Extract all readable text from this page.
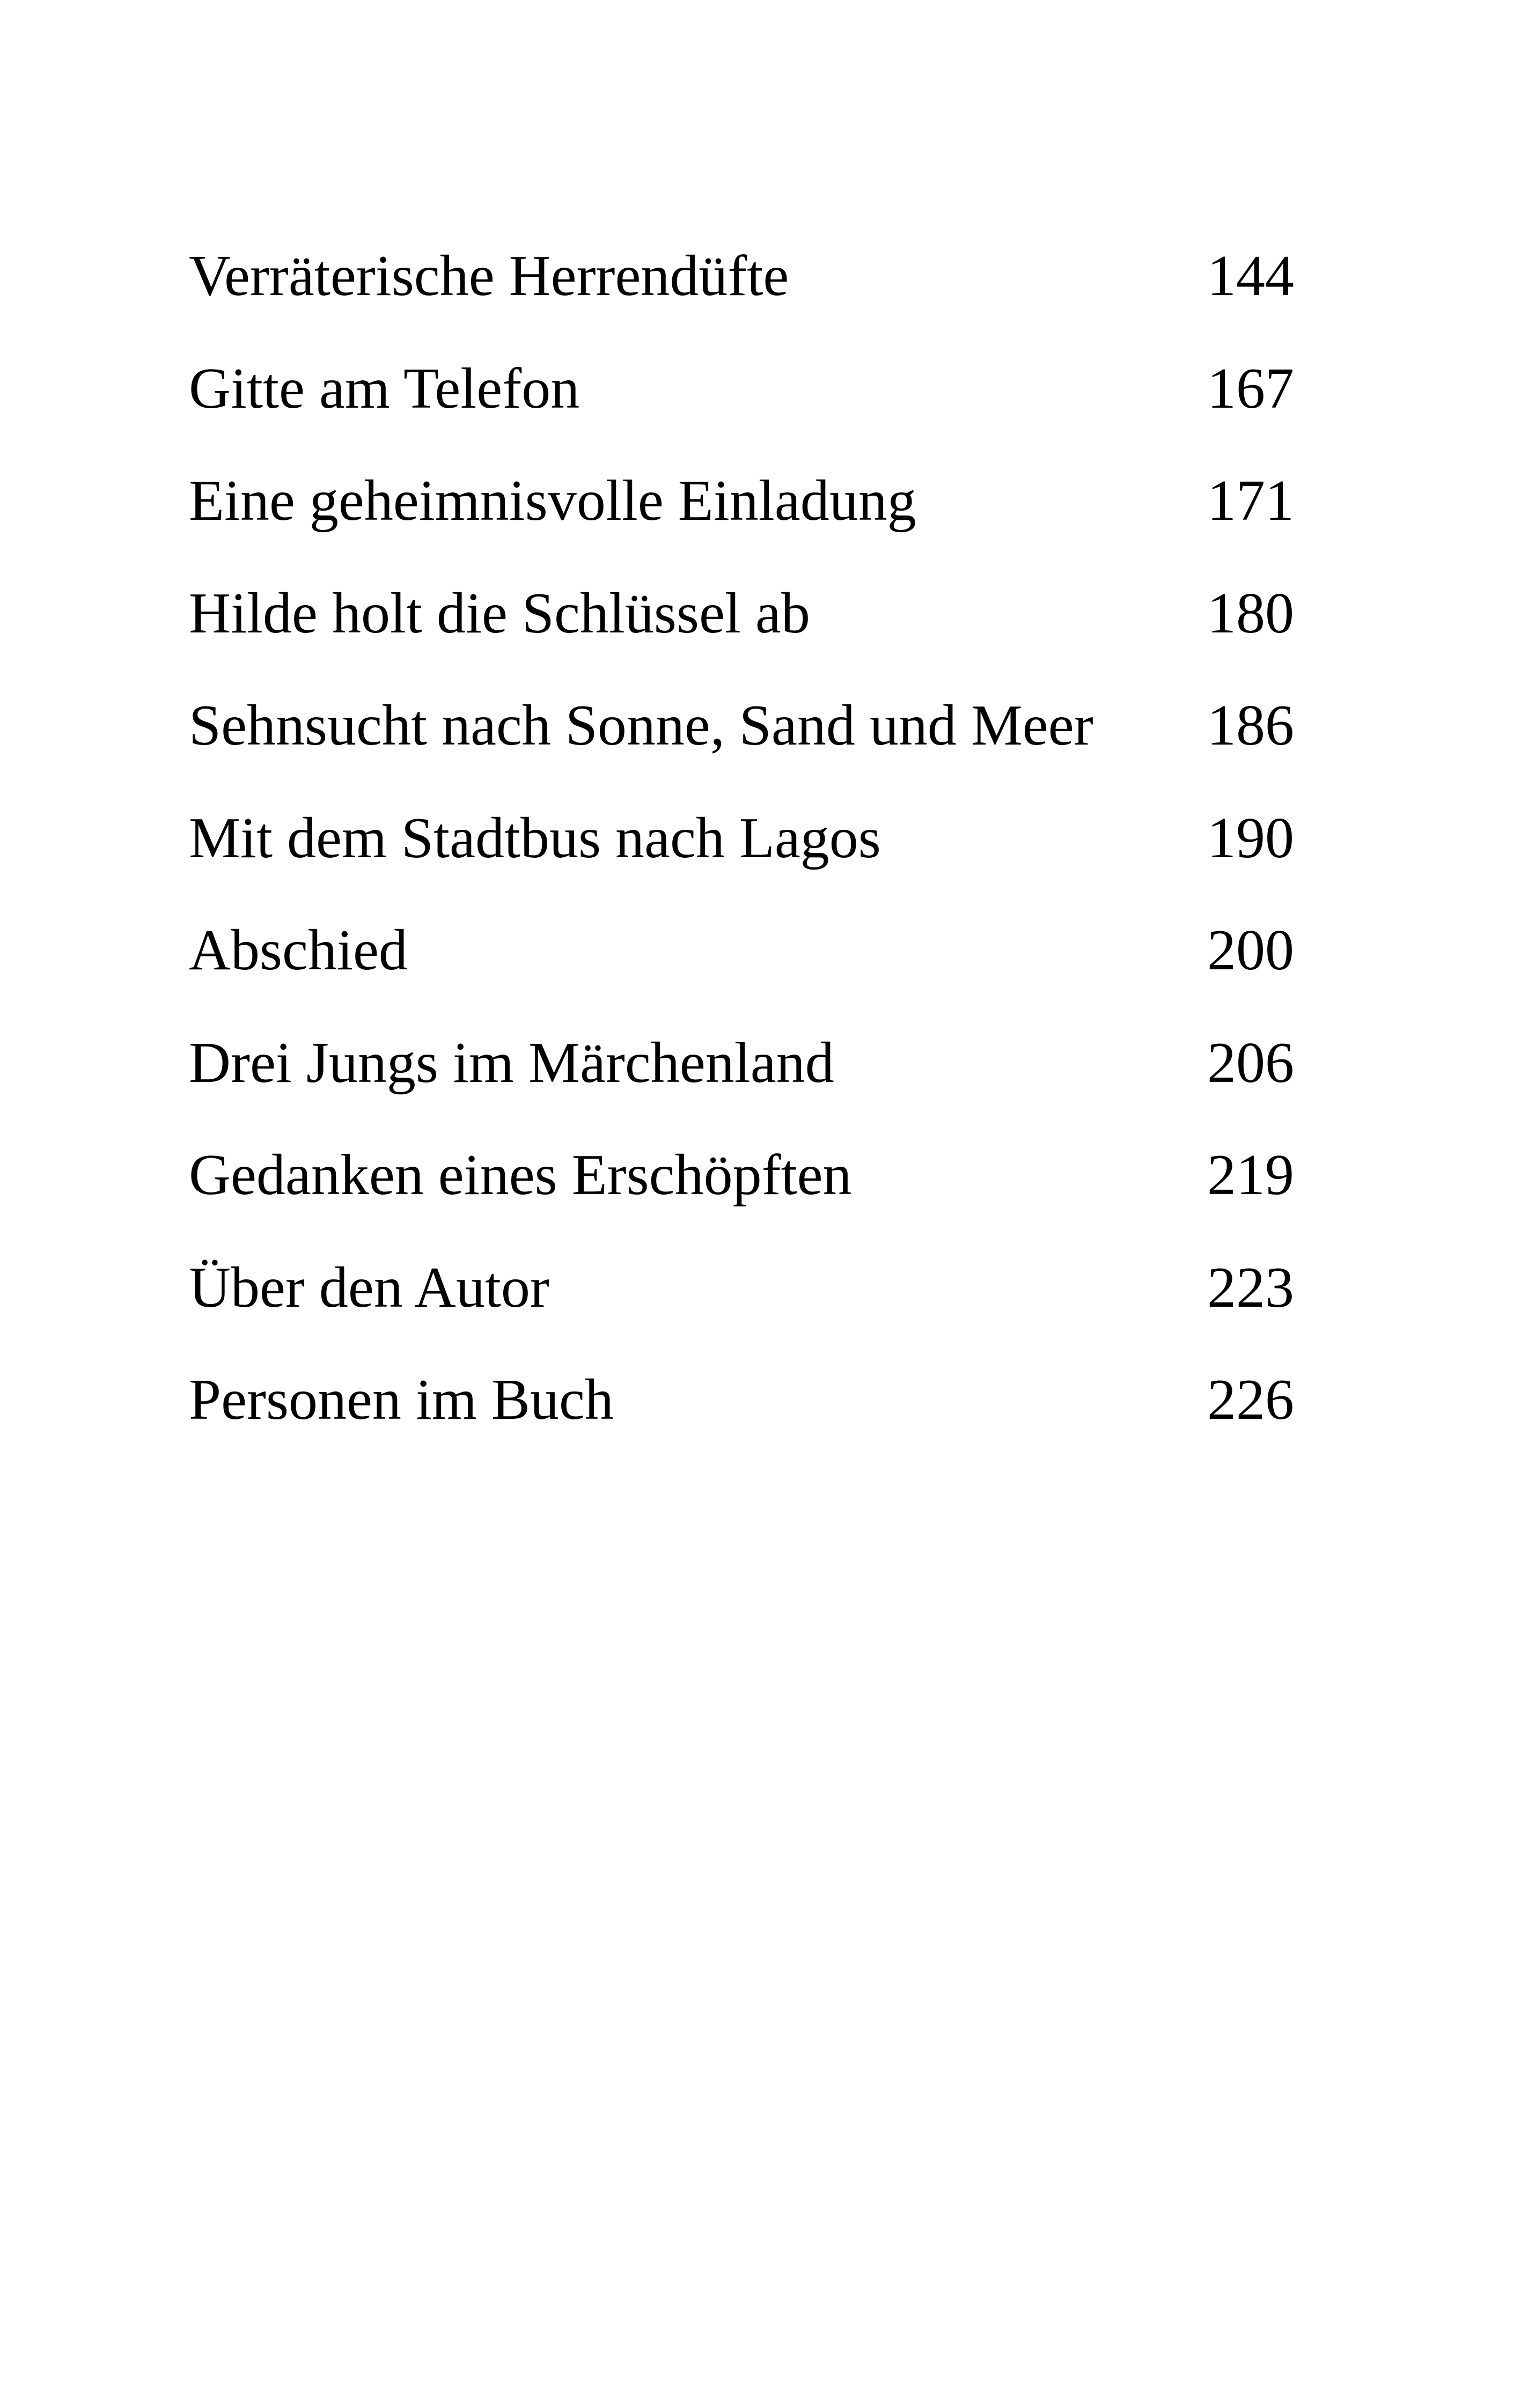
Verräterische Herrendüfte	144
Gitte am Telefon	167
Eine geheimnisvolle Einladung	171
Hilde holt die Schlüssel ab	180
Sehnsucht nach Sonne, Sand und Meer 186
Mit dem Stadtbus nach Lagos	190
Abschied	200
Drei Jungs im Märchenland	206
Gedanken eines Erschöpften	219
Über den Autor	223
Personen im Buch	226
